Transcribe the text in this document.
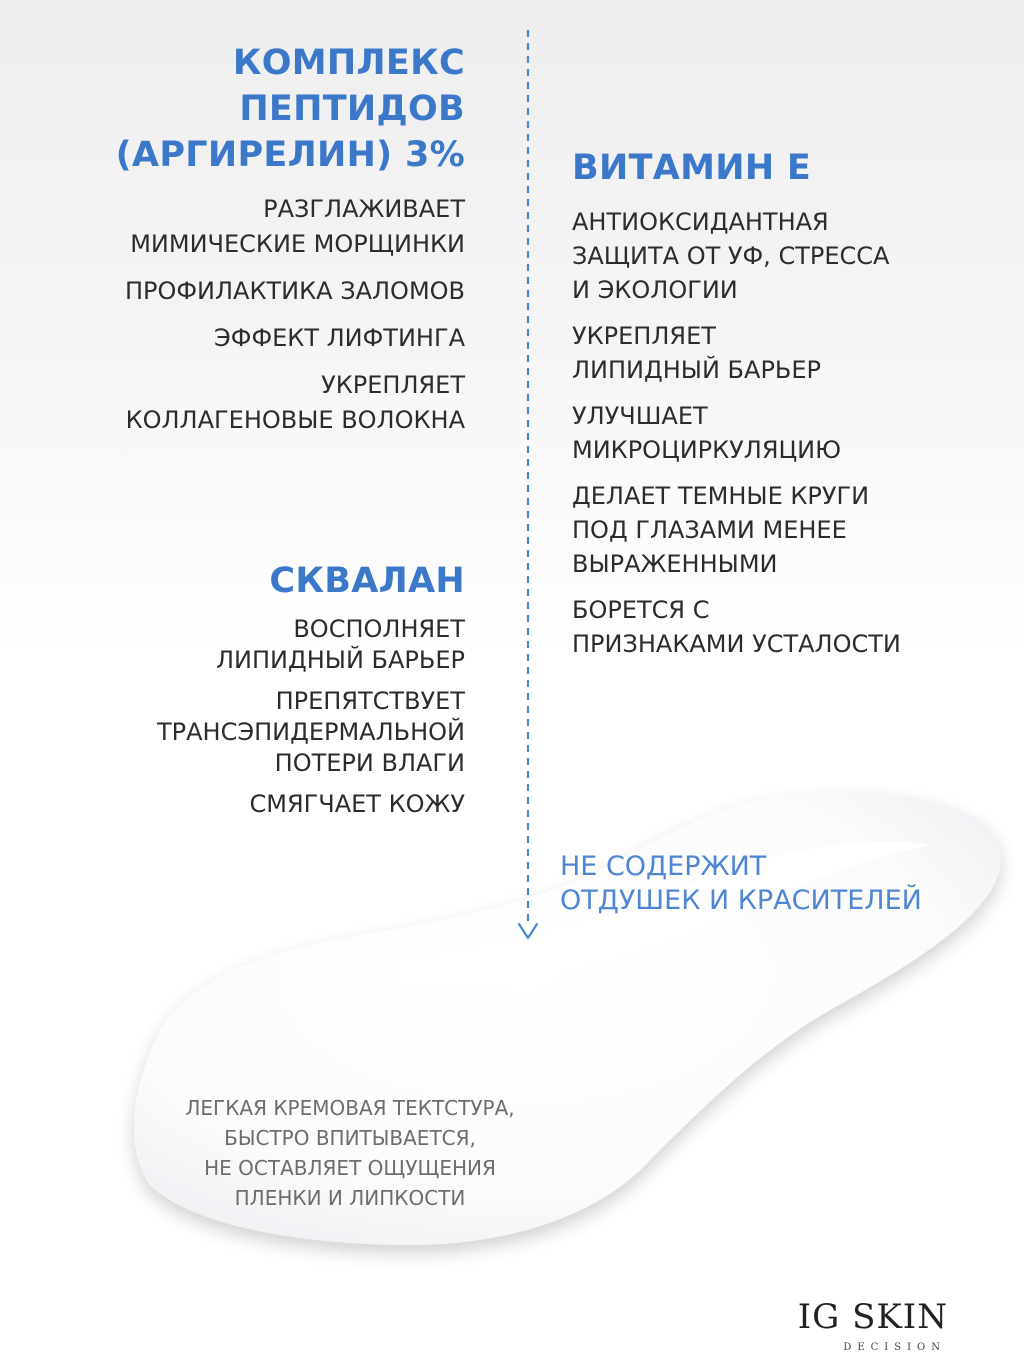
КОМПЛЕКС
ПЕПТИДОВ
(АРГИРЕЛИН) 3%
РАЗГЛАЖИВАЕТ
МИМИЧЕСКИЕ МОРЩИНКИ
ПРОФИЛАКТИКА ЗАЛОМОВ
ЭФФЕКТ ЛИФТИНГА
УКРЕПЛЯЕТ
КОЛЛАГЕНОВЫЕ ВОЛОКНА
СКВАЛАН
ВОСПОЛНЯЕТ
ЛИПИДНЫЙ БАРЬЕР
ПРЕПЯТСТВУЕТ
ТРАНСЭПИДЕРМАЛЬНОЙ
ПОТЕРИ ВЛАГИ
СМЯГЧАЕТ КОЖУ
ВИТАМИН Е
АНТИОКСИДАНТНАЯ
ЗАЩИТА ОТ УФ, СТРЕССА
И ЭКОЛОГИИ
УКРЕПЛЯЕТ
ЛИПИДНЫЙ БАРЬЕР
УЛУЧШАЕТ
МИКРОЦИРКУЛЯЦИЮ
ДЕЛАЕТ ТЕМНЫЕ КРУГИ
ПОД ГЛАЗАМИ МЕНЕЕ
ВЫРАЖЕННЫМИ
БОРЕТСЯ С
ПРИЗНАКАМИ УСТАЛОСТИ

НЕ СОДЕРЖИТ
ОТДУШЕК И КРАСИТЕЛЕЙ

ЛЕГКАЯ КРЕМОВАЯ ТЕКТСТУРА,
БЫСТРО ВПИТЫВАЕТСЯ,
НЕ ОСТАВЛЯЕТ ОЩУЩЕНИЯ
ПЛЕНКИ И ЛИПКОСТИ

IG SKIN
DECISION
